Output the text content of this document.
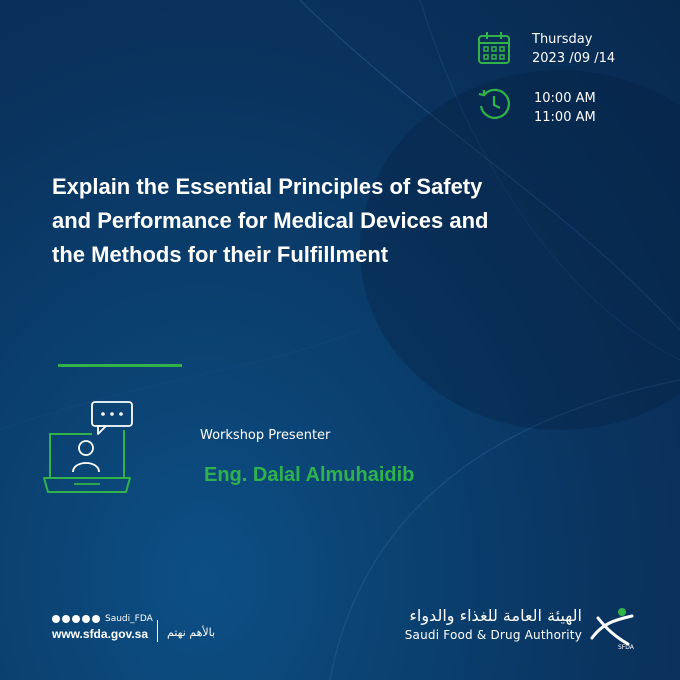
Thursday
2023 /09 /14
10:00 AM
11:00 AM
Explain the Essential Principles of Safety and Performance for Medical Devices and the Methods for their Fulfillment
Workshop Presenter
Eng. Dalal Almuhaidib
Saudi_FDA
www.sfda.gov.sa	بالأهم نهتم
الهيئة العامة للغذاء والدواء
Saudi Food & Drug Authority
SFDA
